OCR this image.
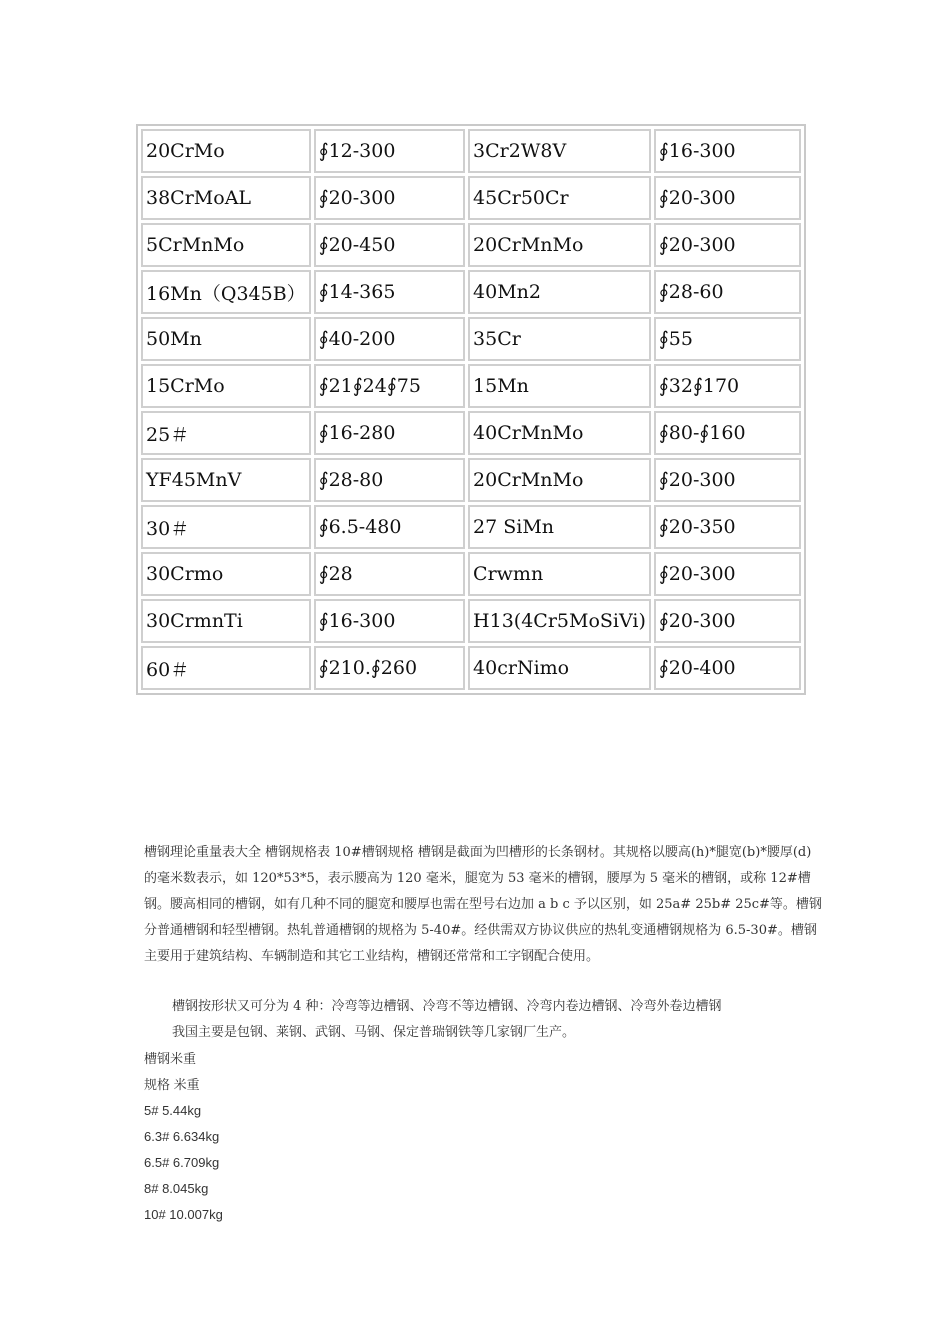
20CrMo	∮12-300	3Cr2W8V	∮16-300
38CrMoAL	∮20-300	45Cr50Cr	∮20-300
5CrMnMo	∮20-450	20CrMnMo	∮20-300
16Mn（Q345B）	∮14-365	40Mn2	∮28-60
50Mn	∮40-200	35Cr	∮55
15CrMo	∮21∮24∮75	15Mn	∮32∮170
25＃	∮16-280	40CrMnMo	∮80-∮160
YF45MnV	∮28-80	20CrMnMo	∮20-300
30＃	∮6.5-480	27 SiMn	∮20-350
30Crmo	∮28	Crwmn	∮20-300
30CrmnTi	∮16-300	H13(4Cr5MoSiVi)	∮20-300
60＃	∮210.∮260	40crNimo	∮20-400

槽钢理论重量表大全 槽钢规格表 10#槽钢规格 槽钢是截面为凹槽形的长条钢材。其规格以腰高(h)*腿宽(b)*腰厚(d)的毫米数表示，如 120*53*5，表示腰高为 120 毫米，腿宽为 53 毫米的槽钢，腰厚为 5 毫米的槽钢，或称 12#槽钢。腰高相同的槽钢，如有几种不同的腿宽和腰厚也需在型号右边加 a b c 予以区别，如 25a# 25b# 25c#等。槽钢分普通槽钢和轻型槽钢。热轧普通槽钢的规格为 5-40#。经供需双方协议供应的热轧变通槽钢规格为 6.5-30#。槽钢主要用于建筑结构、车辆制造和其它工业结构，槽钢还常常和工字钢配合使用。

槽钢按形状又可分为 4 种：冷弯等边槽钢、冷弯不等边槽钢、冷弯内卷边槽钢、冷弯外卷边槽钢

我国主要是包钢、莱钢、武钢、马钢、保定普瑞钢铁等几家钢厂生产。

槽钢米重

规格 米重

5# 5.44kg

6.3# 6.634kg

6.5# 6.709kg

8# 8.045kg

10# 10.007kg
